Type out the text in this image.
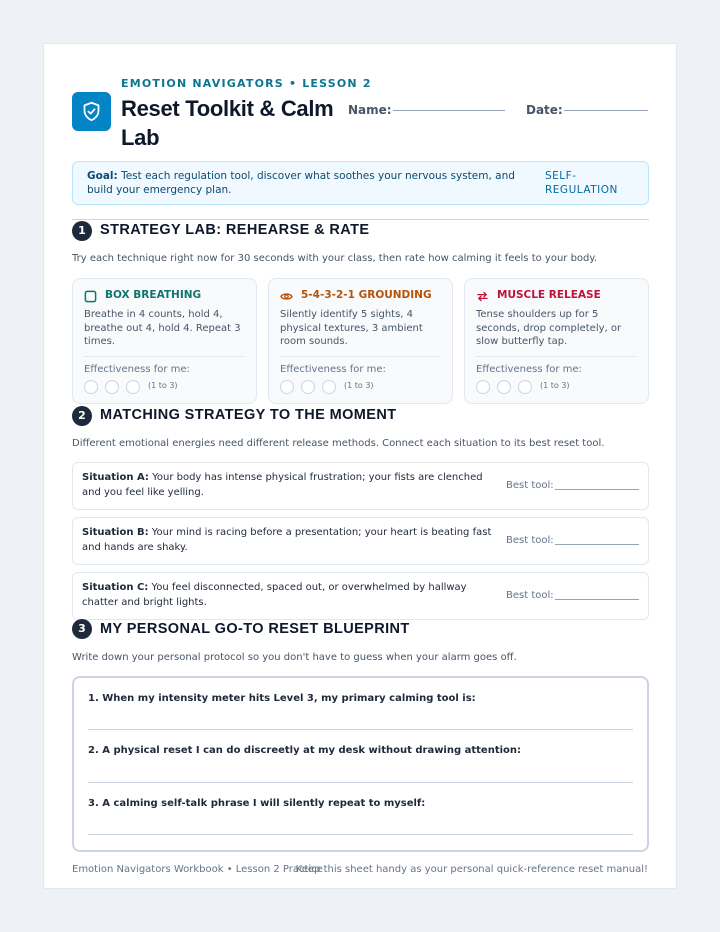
EMOTION NAVIGATORS • LESSON 2
Reset Toolkit & Calm Lab
Name:	Date:
Goal: Test each regulation tool, discover what soothes your nervous system, and build your emergency plan.
SELF-REGULATION
1 STRATEGY LAB: REHEARSE & RATE
Try each technique right now for 30 seconds with your class, then rate how calming it feels to your body.
BOX BREATHING
Breathe in 4 counts, hold 4, breathe out 4, hold 4. Repeat 3 times.
Effectiveness for me:
(1 to 3)
5-4-3-2-1 GROUNDING
Silently identify 5 sights, 4 physical textures, 3 ambient room sounds.
Effectiveness for me:
(1 to 3)
MUSCLE RELEASE
Tense shoulders up for 5 seconds, drop completely, or slow butterfly tap.
Effectiveness for me:
(1 to 3)
2 MATCHING STRATEGY TO THE MOMENT
Different emotional energies need different release methods. Connect each situation to its best reset tool.
Situation A: Your body has intense physical frustration; your fists are clenched and you feel like yelling.
Best tool:
Situation B: Your mind is racing before a presentation; your heart is beating fast and hands are shaky.
Best tool:
Situation C: You feel disconnected, spaced out, or overwhelmed by hallway chatter and bright lights.
Best tool:
3 MY PERSONAL GO-TO RESET BLUEPRINT
Write down your personal protocol so you don't have to guess when your alarm goes off.
1. When my intensity meter hits Level 3, my primary calming tool is:
2. A physical reset I can do discreetly at my desk without drawing attention:
3. A calming self-talk phrase I will silently repeat to myself:
Emotion Navigators Workbook • Lesson 2 Practice
Keep this sheet handy as your personal quick-reference reset manual!
